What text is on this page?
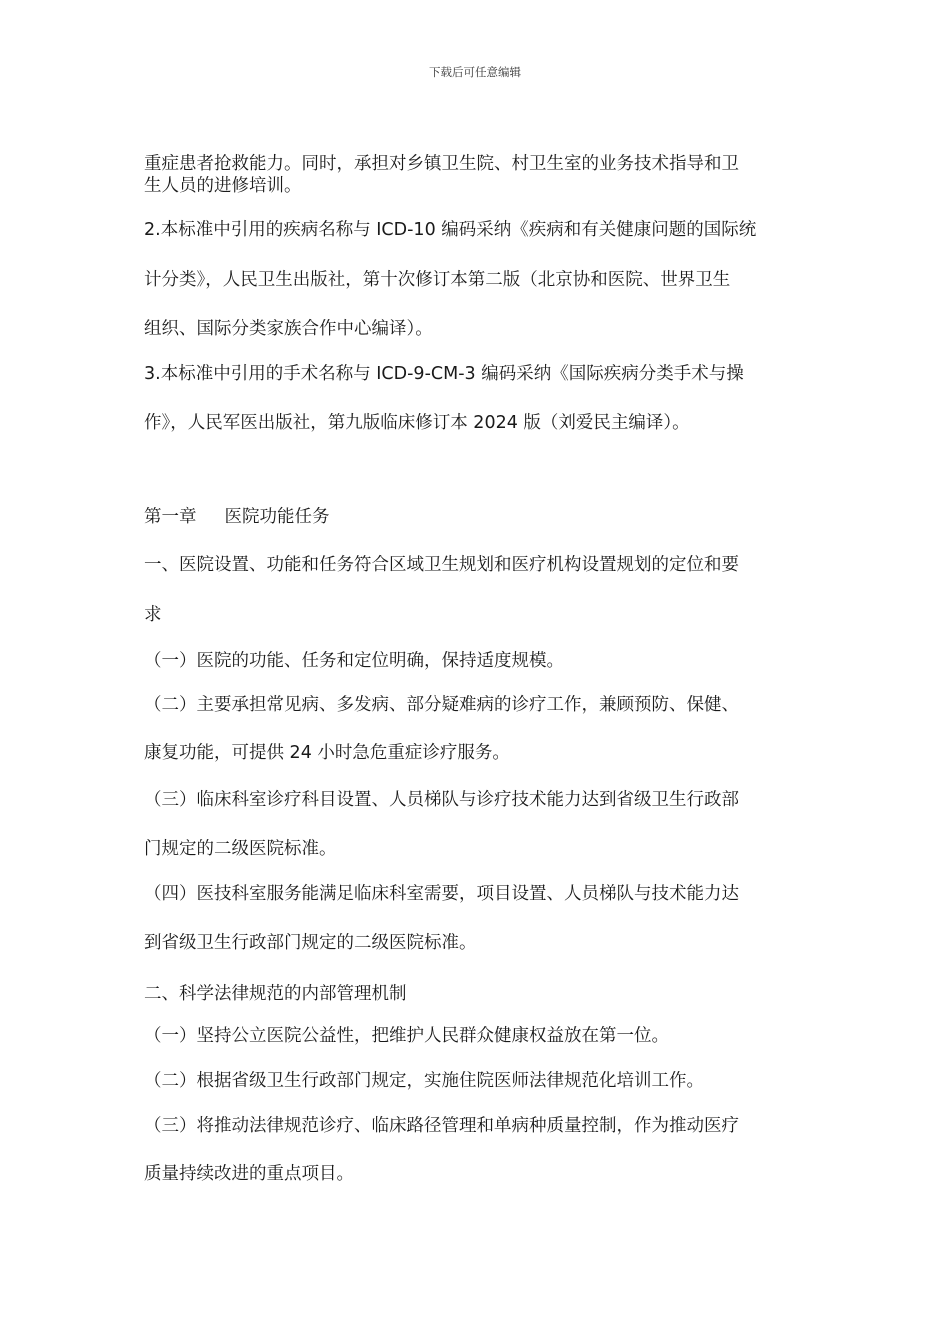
下载后可任意编辑
重症患者抢救能力。同时，承担对乡镇卫生院、村卫生室的业务技术指导和卫
生人员的进修培训。
2.本标准中引用的疾病名称与 ICD-10 编码采纳《疾病和有关健康问题的国际统
计分类》，人民卫生出版社，第十次修订本第二版（北京协和医院、世界卫生
组织、国际分类家族合作中心编译）。
3.本标准中引用的手术名称与 ICD-9-CM-3 编码采纳《国际疾病分类手术与操
作》，人民军医出版社，第九版临床修订本 2024 版（刘爱民主编译）。
第一章 医院功能任务
一、医院设置、功能和任务符合区域卫生规划和医疗机构设置规划的定位和要
求
（一）医院的功能、任务和定位明确，保持适度规模。
（二）主要承担常见病、多发病、部分疑难病的诊疗工作，兼顾预防、保健、
康复功能，可提供 24 小时急危重症诊疗服务。
（三）临床科室诊疗科目设置、人员梯队与诊疗技术能力达到省级卫生行政部
门规定的二级医院标准。
（四）医技科室服务能满足临床科室需要，项目设置、人员梯队与技术能力达
到省级卫生行政部门规定的二级医院标准。
二、科学法律规范的内部管理机制
（一）坚持公立医院公益性，把维护人民群众健康权益放在第一位。
（二）根据省级卫生行政部门规定，实施住院医师法律规范化培训工作。
（三）将推动法律规范诊疗、临床路径管理和单病种质量控制，作为推动医疗
质量持续改进的重点项目。
